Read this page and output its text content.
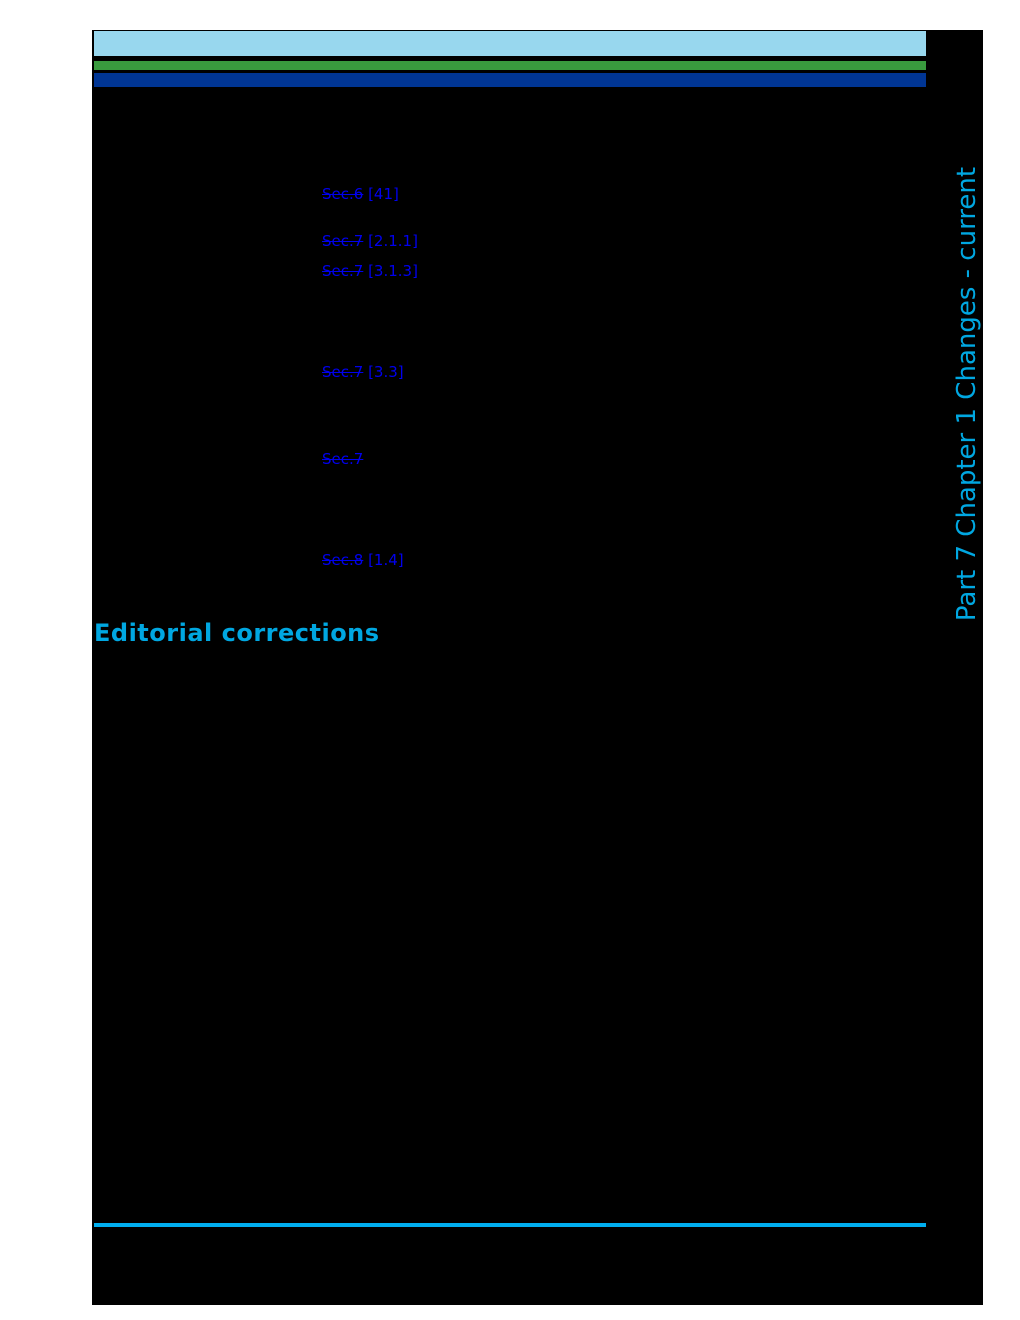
Sec.6 [41]
Sec.7 [2.1.1]
Sec.7 [3.1.3]
Sec.7 [3.3]
Sec.7
Sec.8 [1.4]
Editorial corrections
Part 7 Chapter 1 Changes - current
